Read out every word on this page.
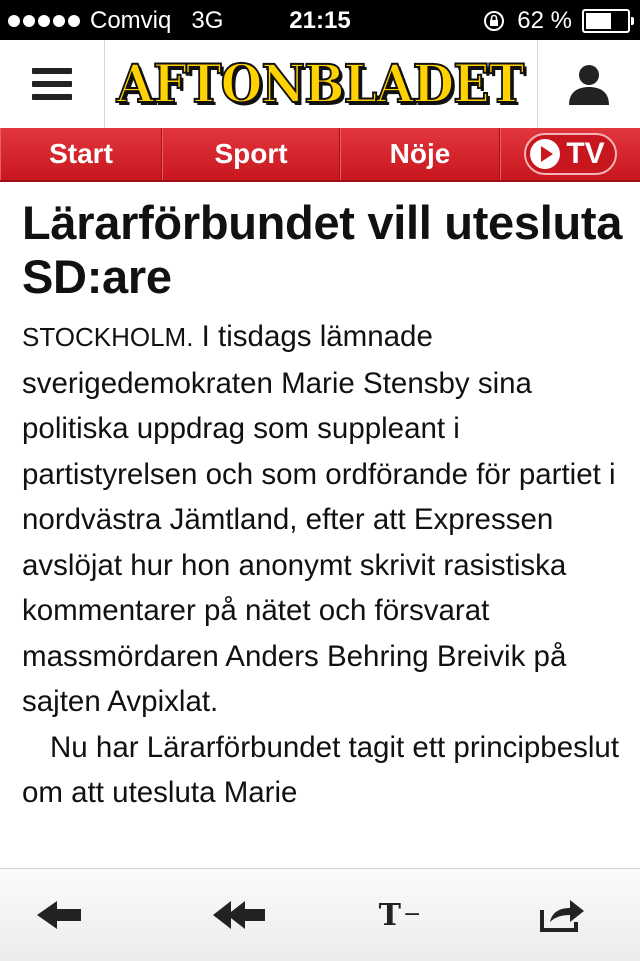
Comviq 3G	21:15	62 %
AFTONBLADET
Start	Sport	Nöje	TV
Lärarförbundet vill utesluta SD:are

STOCKHOLM. I tisdags lämnade sverigedemokraten Marie Stensby sina politiska uppdrag som suppleant i partistyrelsen och som ordförande för partiet i nordvästra Jämtland, efter att Expressen avslöjat hur hon anonymt skrivit rasistiska kommentarer på nätet och försvarat massmördaren Anders Behring Breivik på sajten Avpixlat.

Nu har Lärarförbundet tagit ett principbeslut om att utesluta Marie

T−
